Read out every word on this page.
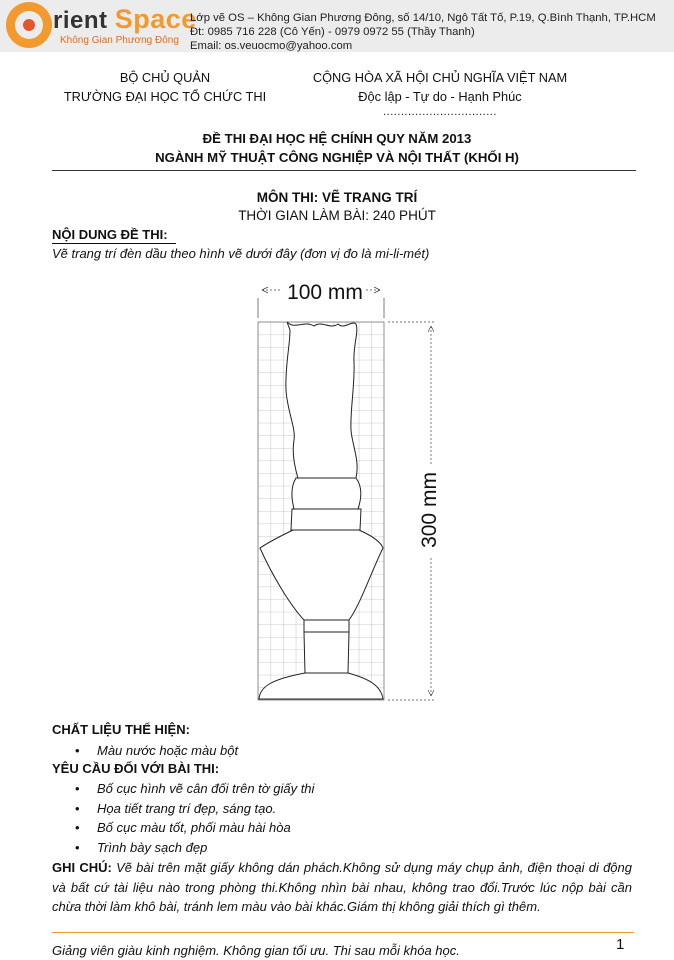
rient Space
Không Gian Phương Đông
Lớp vẽ OS – Không Gian Phương Đông, số 14/10, Ngô Tất Tố, P.19, Q.Bình Thạnh, TP.HCM
Đt: 0985 716 228 (Cô Yến) - 0979 0972 55 (Thầy Thanh)
Email: os.veuocmo@yahoo.com
BỘ CHỦ QUẢN
TRƯỜNG ĐẠI HỌC TỔ CHỨC THI
CỘNG HÒA XÃ HỘI CHỦ NGHĨA VIỆT NAM
Độc lập - Tự do - Hạnh Phúc
................................
ĐỀ THI ĐẠI HỌC HỆ CHÍNH QUY NĂM 2013
NGÀNH MỸ THUẬT CÔNG NGHIỆP VÀ NỘI THẤT (KHỐI H)
MÔN THI: VẼ TRANG TRÍ
THỜI GIAN LÀM BÀI: 240 PHÚT
NỘI DUNG ĐỀ THI:
Vẽ trang trí đèn dầu theo hình vẽ dưới đây (đơn vị đo là mi-li-mét)
100 mm
300 mm
CHẤT LIỆU THỂ HIỆN:
• Màu nước hoặc màu bột
YÊU CẦU ĐỐI VỚI BÀI THI:
• Bố cục hình vẽ cân đối trên tờ giấy thi
• Họa tiết trang trí đẹp, sáng tạo.
• Bố cục màu tốt, phối màu hài hòa
• Trình bày sạch đẹp
GHI CHÚ: Vẽ bài trên mặt giấy không dán phách.Không sử dụng máy chụp ảnh, điện thoại di động và bất cứ tài liệu nào trong phòng thi.Không nhìn bài nhau, không trao đổi.Trước lúc nộp bài cần chừa thời làm khô bài, tránh lem màu vào bài khác.Giám thị không giải thích gì thêm.
Giảng viên giàu kinh nghiệm. Không gian tối ưu. Thi sau mỗi khóa học.	1
